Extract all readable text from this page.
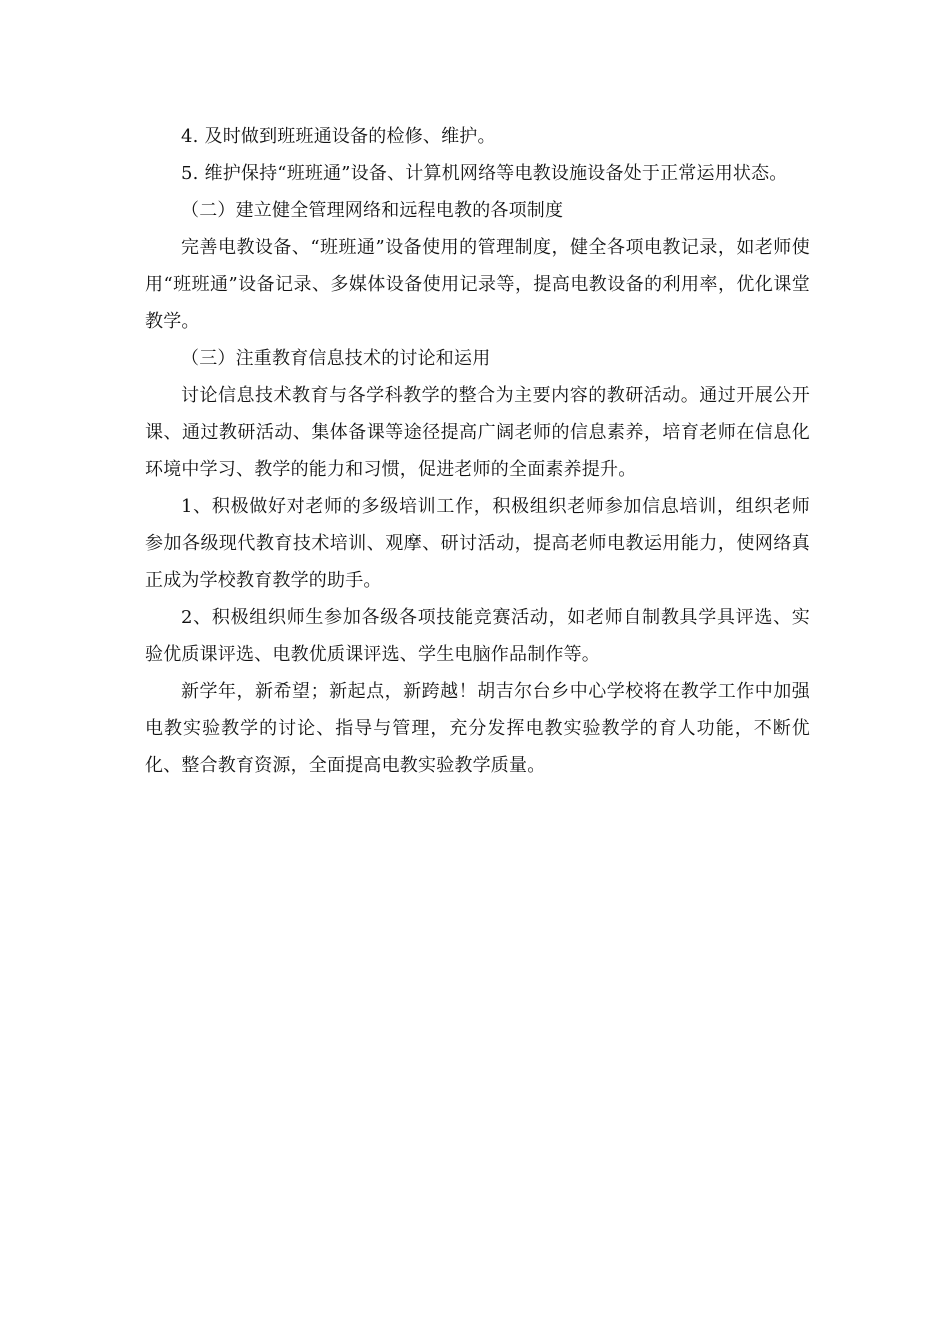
4. 及时做到班班通设备的检修、维护。

5. 维护保持“班班通”设备、计算机网络等电教设施设备处于正常运用状态。

（二）建立健全管理网络和远程电教的各项制度

完善电教设备、“班班通”设备使用的管理制度，健全各项电教记录，如老师使用“班班通”设备记录、多媒体设备使用记录等，提高电教设备的利用率，优化课堂教学。

（三）注重教育信息技术的讨论和运用

讨论信息技术教育与各学科教学的整合为主要内容的教研活动。通过开展公开课、通过教研活动、集体备课等途径提高广阔老师的信息素养，培育老师在信息化环境中学习、教学的能力和习惯，促进老师的全面素养提升。

1、积极做好对老师的多级培训工作，积极组织老师参加信息培训，组织老师参加各级现代教育技术培训、观摩、研讨活动，提高老师电教运用能力，使网络真正成为学校教育教学的助手。

2、积极组织师生参加各级各项技能竞赛活动，如老师自制教具学具评选、实验优质课评选、电教优质课评选、学生电脑作品制作等。

新学年，新希望；新起点，新跨越！胡吉尔台乡中心学校将在教学工作中加强电教实验教学的讨论、指导与管理，充分发挥电教实验教学的育人功能，不断优化、整合教育资源，全面提高电教实验教学质量。
